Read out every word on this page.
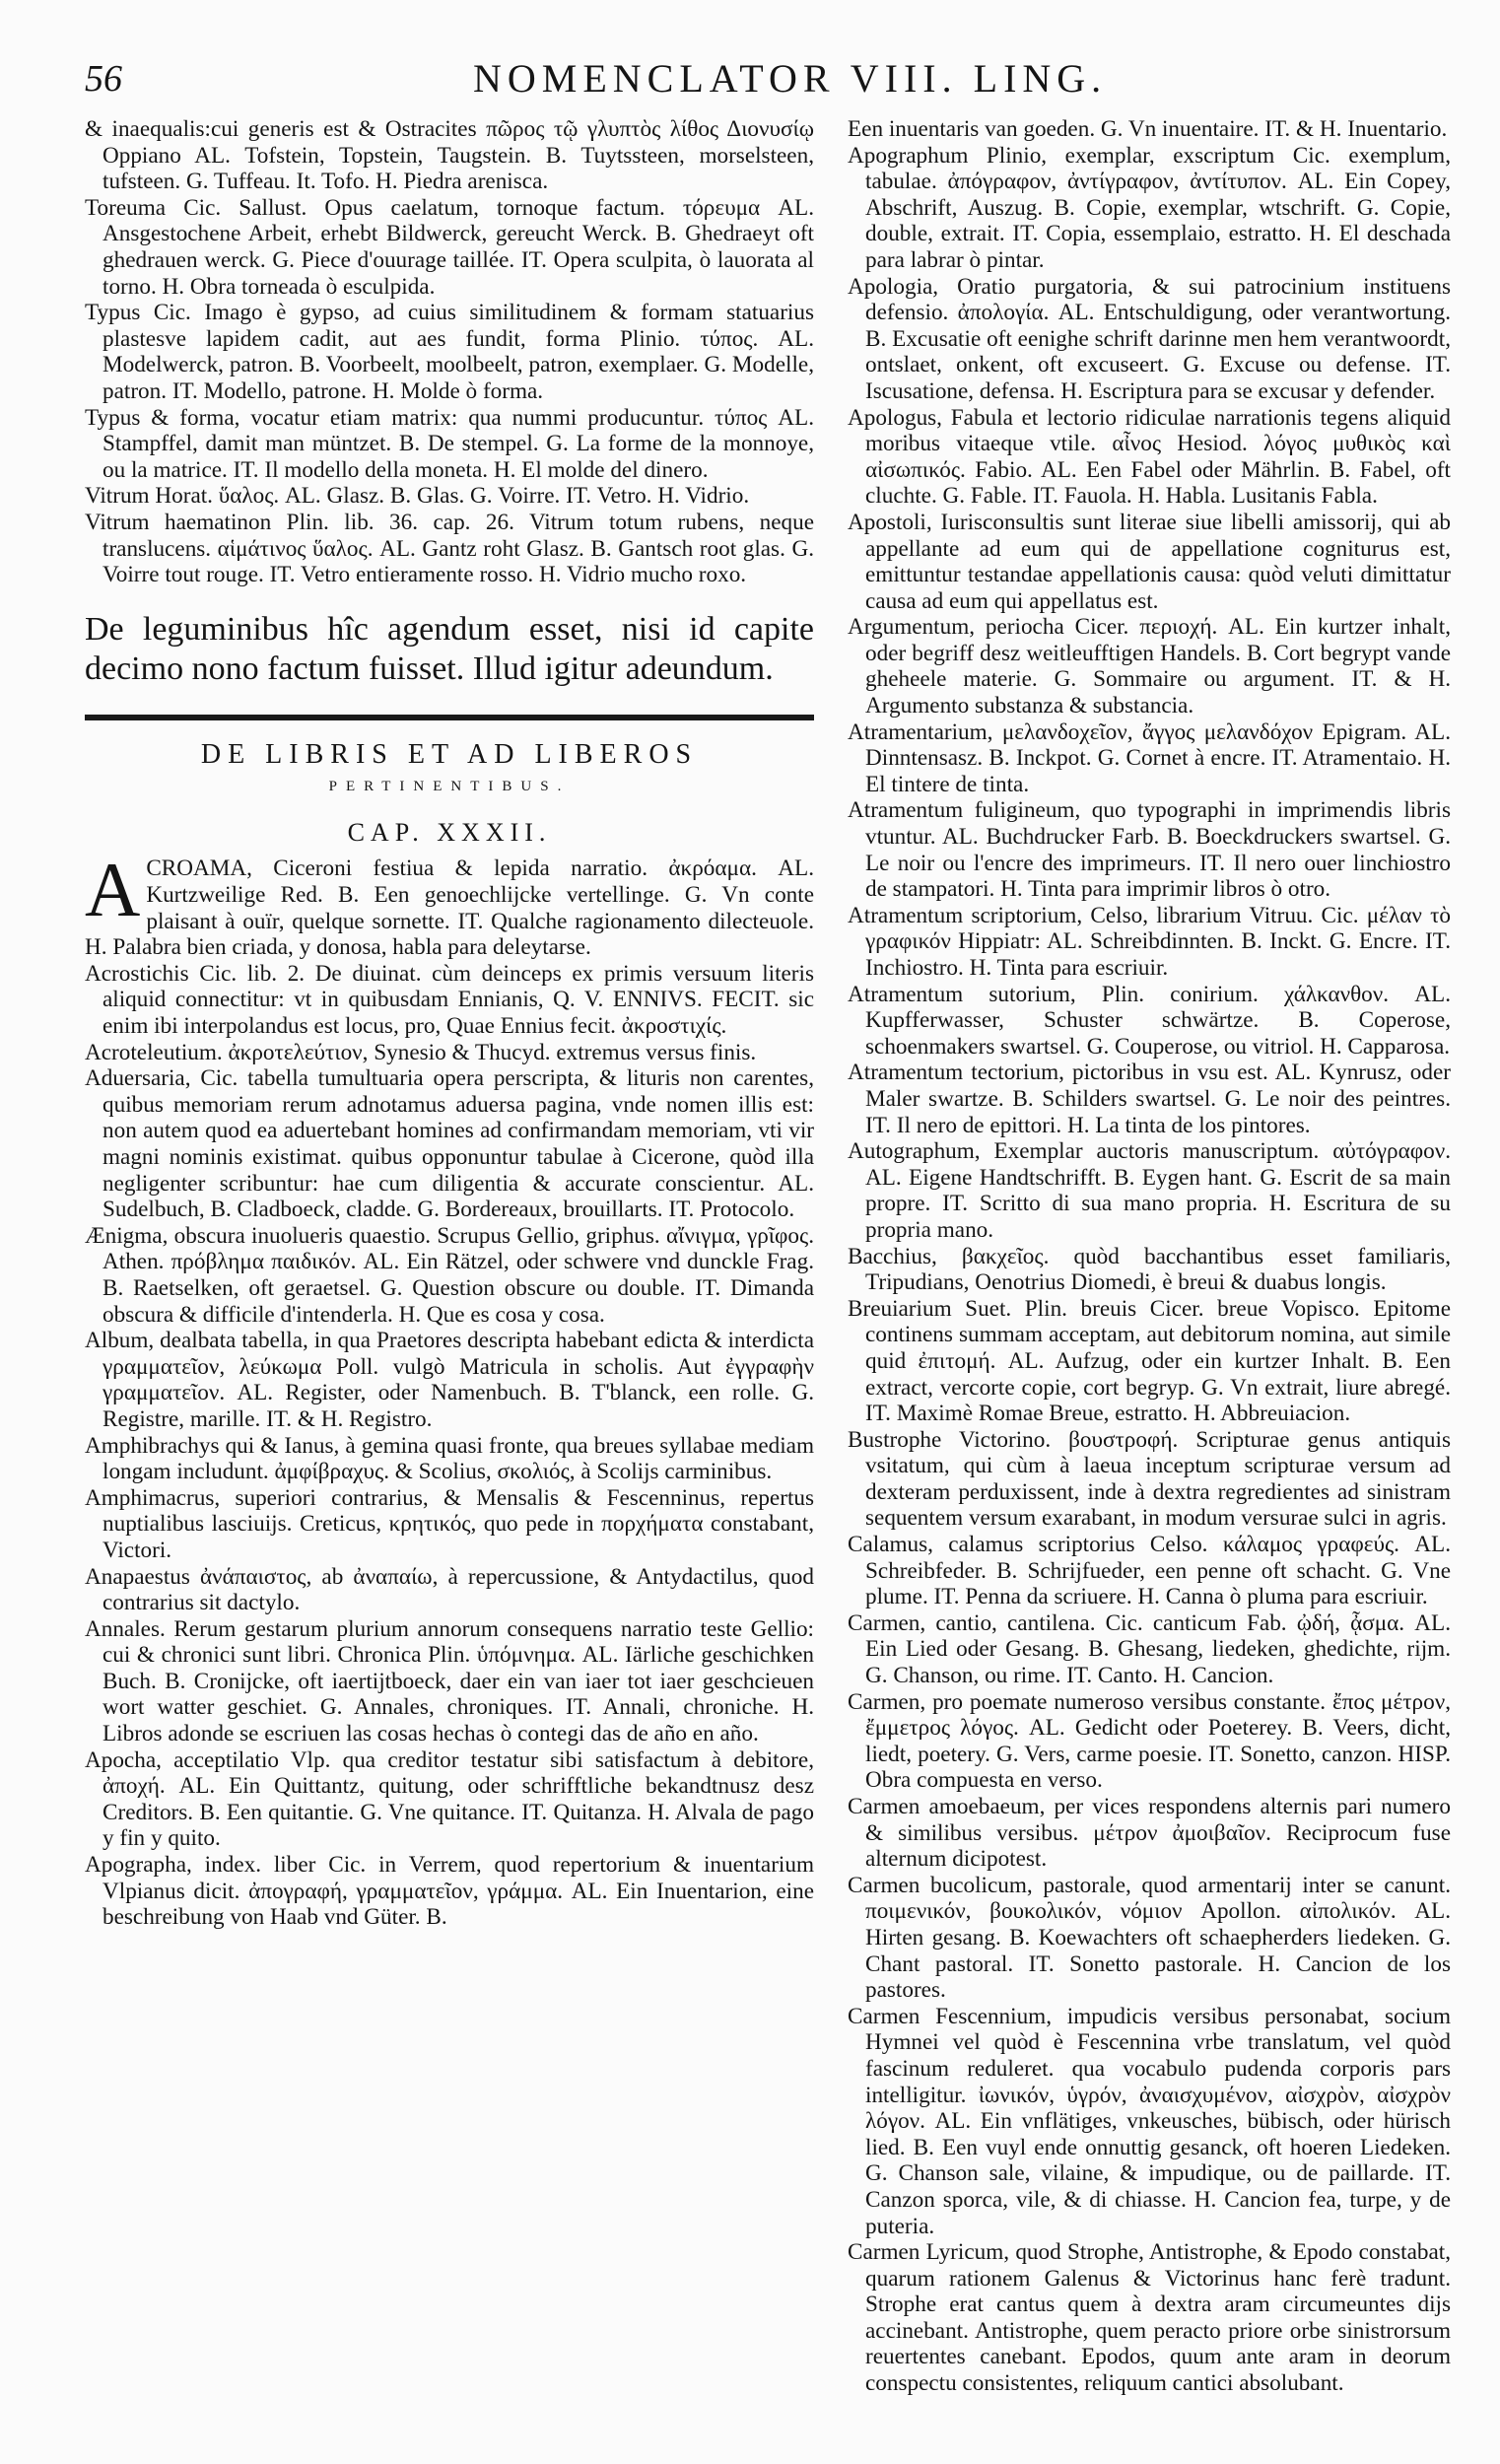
56	NOMENCLATOR VIII. LING.

& inaequalis:cui generis est & Ostracites πῶρος τῷ γλυπτὸς λίθος Διονυσίῳ Oppiano AL. Tofstein, Topstein, Taugstein. B. Tuytssteen, morselsteen, tufsteen. G. Tuffeau. It. Tofo. H. Piedra arenisca.

Toreuma Cic. Sallust. Opus caelatum, tornoque factum. τόρευμα AL. Ansgestochene Arbeit, erhebt Bildwerck, gereucht Werck. B. Ghedraeyt oft ghedrauen werck. G. Piece d'ouurage taillée. IT. Opera sculpita, ò lauorata al torno. H. Obra torneada ò esculpida.

Typus Cic. Imago è gypso, ad cuius similitudinem & formam statuarius plastesve lapidem cadit, aut aes fundit, forma Plinio. τύπος. AL. Modelwerck, patron. B. Voorbeelt, moolbeelt, patron, exemplaer. G. Modelle, patron. IT. Modello, patrone. H. Molde ò forma.

Typus & forma, vocatur etiam matrix: qua nummi producuntur. τύπος AL. Stampffel, damit man müntzet. B. De stempel. G. La forme de la monnoye, ou la matrice. IT. Il modello della moneta. H. El molde del dinero.

Vitrum Horat. ὕαλος. AL. Glasz. B. Glas. G. Voirre. IT. Vetro. H. Vidrio.

Vitrum haematinon Plin. lib. 36. cap. 26. Vitrum totum rubens, neque translucens. αἱμάτινος ὕαλος. AL. Gantz roht Glasz. B. Gantsch root glas. G. Voirre tout rouge. IT. Vetro entieramente rosso. H. Vidrio mucho roxo.

De leguminibus hîc agendum esset, nisi id capite decimo nono factum fuisset. Illud igitur adeundum.

DE LIBRIS ET AD LIBEROS
PERTINENTIBUS.
CAP. XXXII.

ACROAMA, Ciceroni festiua & lepida narratio. ἀκρόαμα. AL. Kurtzweilige Red. B. Een genoechlijcke vertellinge. G. Vn conte plaisant à ouïr, quelque sornette. IT. Qualche ragionamento dilecteuole. H. Palabra bien criada, y donosa, habla para deleytarse.

Acrostichis Cic. lib. 2. De diuinat. cùm deinceps ex primis versuum literis aliquid connectitur: vt in quibusdam Ennianis, Q. V. ENNIVS. FECIT. sic enim ibi interpolandus est locus, pro, Quae Ennius fecit. ἀκροστιχίς.

Acroteleutium. ἀκροτελεύτιον, Synesio & Thucyd. extremus versus finis.

Aduersaria, Cic. tabella tumultuaria opera perscripta, & lituris non carentes, quibus memoriam rerum adnotamus aduersa pagina, vnde nomen illis est: non autem quod ea aduertebant homines ad confirmandam memoriam, vti vir magni nominis existimat. quibus opponuntur tabulae à Cicerone, quòd illa negligenter scribuntur: hae cum diligentia & accurate conscientur. AL. Sudelbuch, B. Cladboeck, cladde. G. Bordereaux, brouillarts. IT. Protocolo.

Ænigma, obscura inuolueris quaestio. Scrupus Gellio, griphus. αἴνιγμα, γρῖφος. Athen. πρόβλημα παιδικόν. AL. Ein Rätzel, oder schwere vnd dunckle Frag. B. Raetselken, oft geraetsel. G. Question obscure ou double. IT. Dimanda obscura & difficile d'intenderla. H. Que es cosa y cosa.

Album, dealbata tabella, in qua Praetores descripta habebant edicta & interdicta γραμματεῖον, λεύκωμα Poll. vulgò Matricula in scholis. Aut ἐγγραφὴν γραμματεῖον. AL. Register, oder Namenbuch. B. T'blanck, een rolle. G. Registre, marille. IT. & H. Registro.

Amphibrachys qui & Ianus, à gemina quasi fronte, qua breues syllabae mediam longam includunt. ἀμφίβραχυς. & Scolius, σκολιός, à Scolijs carminibus.

Amphimacrus, superiori contrarius, & Mensalis & Fescenninus, repertus nuptialibus lasciuijs. Creticus, κρητικός, quo pede in πορχήματα constabant, Victori.

Anapaestus ἀνάπαιστος, ab ἀναπαίω, à repercussione, & Antydactilus, quod contrarius sit dactylo.

Annales. Rerum gestarum plurium annorum consequens narratio teste Gellio: cui & chronici sunt libri. Chronica Plin. ὑπόμνημα. AL. Iärliche geschichken Buch. B. Cronijcke, oft iaertijtboeck, daer ein van iaer tot iaer geschcieuen wort watter geschiet. G. Annales, chroniques. IT. Annali, chroniche. H. Libros adonde se escriuen las cosas hechas ò contegi das de año en año.

Apocha, acceptilatio Vlp. qua creditor testatur sibi satisfactum à debitore, ἀποχή. AL. Ein Quittantz, quitung, oder schrifftliche bekandtnusz desz Creditors. B. Een quitantie. G. Vne quitance. IT. Quitanza. H. Alvala de pago y fin y quito.

Apographa, index. liber Cic. in Verrem, quod repertorium & inuentarium Vlpianus dicit. ἀπογραφή, γραμματεῖον, γράμμα. AL. Ein Inuentarion, eine beschreibung von Haab vnd Güter. B.

Een inuentaris van goeden. G. Vn inuentaire. IT. & H. Inuentario.

Apographum Plinio, exemplar, exscriptum Cic. exemplum, tabulae. ἀπόγραφον, ἀντίγραφον, ἀντίτυπον. AL. Ein Copey, Abschrift, Auszug. B. Copie, exemplar, wtschrift. G. Copie, double, extrait. IT. Copia, essemplaio, estratto. H. El deschada para labrar ò pintar.

Apologia, Oratio purgatoria, & sui patrocinium instituens defensio. ἀπολογία. AL. Entschuldigung, oder verantwortung. B. Excusatie oft eenighe schrift darinne men hem verantwoordt, ontslaet, onkent, oft excuseert. G. Excuse ou defense. IT. Iscusatione, defensa. H. Escriptura para se excusar y defender.

Apologus, Fabula et lectorio ridiculae narrationis tegens aliquid moribus vitaeque vtile. αἶνος Hesiod. λόγος μυθικὸς καὶ αἰσωπικός. Fabio. AL. Een Fabel oder Mährlin. B. Fabel, oft cluchte. G. Fable. IT. Fauola. H. Habla. Lusitanis Fabla.

Apostoli, Iurisconsultis sunt literae siue libelli amissorij, qui ab appellante ad eum qui de appellatione cogniturus est, emittuntur testandae appellationis causa: quòd veluti dimittatur causa ad eum qui appellatus est.

Argumentum, periocha Cicer. περιοχή. AL. Ein kurtzer inhalt, oder begriff desz weitleufftigen Handels. B. Cort begrypt vande gheheele materie. G. Sommaire ou argument. IT. & H. Argumento substanza & substancia.

Atramentarium, μελανδοχεῖον, ἄγγος μελανδόχον Epigram. AL. Dinntensasz. B. Inckpot. G. Cornet à encre. IT. Atramentaio. H. El tintere de tinta.

Atramentum fuligineum, quo typographi in imprimendis libris vtuntur. AL. Buchdrucker Farb. B. Boeckdruckers swartsel. G. Le noir ou l'encre des imprimeurs. IT. Il nero ouer linchiostro de stampatori. H. Tinta para imprimir libros ò otro.

Atramentum scriptorium, Celso, librarium Vitruu. Cic. μέλαν τὸ γραφικόν Hippiatr: AL. Schreibdinnten. B. Inckt. G. Encre. IT. Inchiostro. H. Tinta para escriuir.

Atramentum sutorium, Plin. conirium. χάλκανθον. AL. Kupfferwasser, Schuster schwärtze. B. Coperose, schoenmakers swartsel. G. Couperose, ou vitriol. H. Capparosa.

Atramentum tectorium, pictoribus in vsu est. AL. Kynrusz, oder Maler swartze. B. Schilders swartsel. G. Le noir des peintres. IT. Il nero de epittori. H. La tinta de los pintores.

Autographum, Exemplar auctoris manuscriptum. αὐτόγραφον. AL. Eigene Handtschrifft. B. Eygen hant. G. Escrit de sa main propre. IT. Scritto di sua mano propria. H. Escritura de su propria mano.

Bacchius, βακχεῖος. quòd bacchantibus esset familiaris, Tripudians, Oenotrius Diomedi, è breui & duabus longis.

Breuiarium Suet. Plin. breuis Cicer. breue Vopisco. Epitome continens summam acceptam, aut debitorum nomina, aut simile quid ἐπιτομή. AL. Aufzug, oder ein kurtzer Inhalt. B. Een extract, vercorte copie, cort begryp. G. Vn extrait, liure abregé. IT. Maximè Romae Breue, estratto. H. Abbreuiacion.

Bustrophe Victorino. βουστροφή. Scripturae genus antiquis vsitatum, qui cùm à laeua inceptum scripturae versum ad dexteram perduxissent, inde à dextra regredientes ad sinistram sequentem versum exarabant, in modum versurae sulci in agris.

Calamus, calamus scriptorius Celso. κάλαμος γραφεύς. AL. Schreibfeder. B. Schrijfueder, een penne oft schacht. G. Vne plume. IT. Penna da scriuere. H. Canna ò pluma para escriuir.

Carmen, cantio, cantilena. Cic. canticum Fab. ᾠδή, ᾆσμα. AL. Ein Lied oder Gesang. B. Ghesang, liedeken, ghedichte, rijm. G. Chanson, ou rime. IT. Canto. H. Cancion.

Carmen, pro poemate numeroso versibus constante. ἔπος μέτρον, ἔμμετρος λόγος. AL. Gedicht oder Poeterey. B. Veers, dicht, liedt, poetery. G. Vers, carme poesie. IT. Sonetto, canzon. HISP. Obra compuesta en verso.

Carmen amoebaeum, per vices respondens alternis pari numero & similibus versibus. μέτρον ἀμοιβαῖον. Reciprocum fuse alternum dicipotest.

Carmen bucolicum, pastorale, quod armentarij inter se canunt. ποιμενικόν, βουκολικόν, νόμιον Apollon. αἰπολικόν. AL. Hirten gesang. B. Koewachters oft schaepherders liedeken. G. Chant pastoral. IT. Sonetto pastorale. H. Cancion de los pastores.

Carmen Fescennium, impudicis versibus personabat, socium Hymnei vel quòd è Fescennina vrbe translatum, vel quòd fascinum reduleret. qua vocabulo pudenda corporis pars intelligitur. ἰωνικόν, ὑγρόν, ἀναισχυμένον, αἰσχρὸν, αἰσχρὸν λόγον. AL. Ein vnflätiges, vnkeusches, bübisch, oder hürisch lied. B. Een vuyl ende onnuttig gesanck, oft hoeren Liedeken. G. Chanson sale, vilaine, & impudique, ou de paillarde. IT. Canzon sporca, vile, & di chiasse. H. Cancion fea, turpe, y de puteria.

Carmen Lyricum, quod Strophe, Antistrophe, & Epodo constabat, quarum rationem Galenus & Victorinus hanc ferè tradunt. Strophe erat cantus quem à dextra aram circumeuntes dijs accinebant. Antistrophe, quem peracto priore orbe sinistrorsum reuertentes canebant. Epodos, quum ante aram in deorum conspectu consistentes, reliquum cantici absolubant.
